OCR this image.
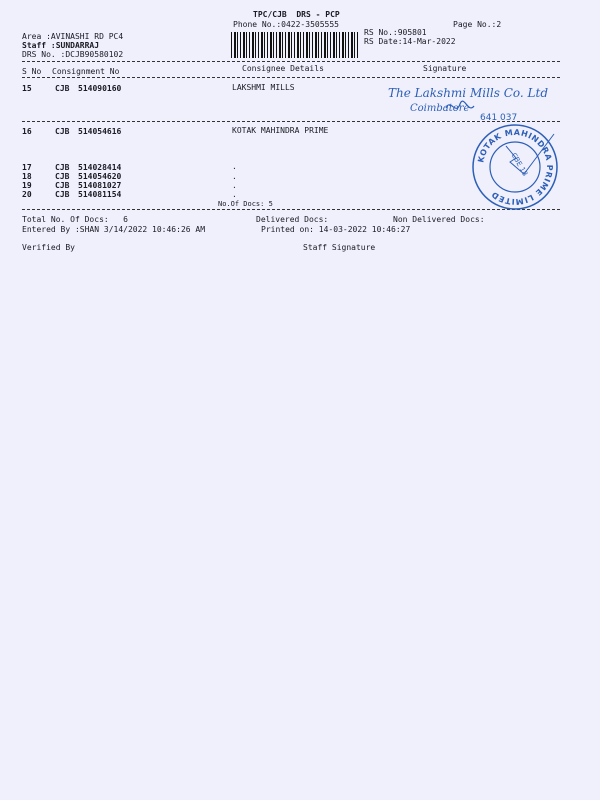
TPC/CJB  DRS - PCP
Phone No.:0422-3505555	Page No.:2
Area :AVINASHI RD PC4
Staff :SUNDARRAJ
DRS No. :DCJB90580102
RS No.:905801
RS Date:14-Mar-2022
S No Consignment No	Consignee Details	Signature
15	CJB 514090160	LAKSHMI MILLS
16	CJB 514054616	KOTAK MAHINDRA PRIME
17	CJB 514028414	.
18	CJB 514054620	.
19	CJB 514081027	.
20	CJB 514081154	.
No.Of Docs: 5
Total No. Of Docs:   6	Delivered Docs:	Non Delivered Docs:
Entered By :SHAN 3/14/2022 10:46:26 AM	Printed on: 14-03-2022 10:46:27
Verified By	Staff Signature
The Lakshmi Mills Co. Ltd
Coimbatore
641 037
KOTAK MAHINDRA PRIME LIMITED
CBE 18
